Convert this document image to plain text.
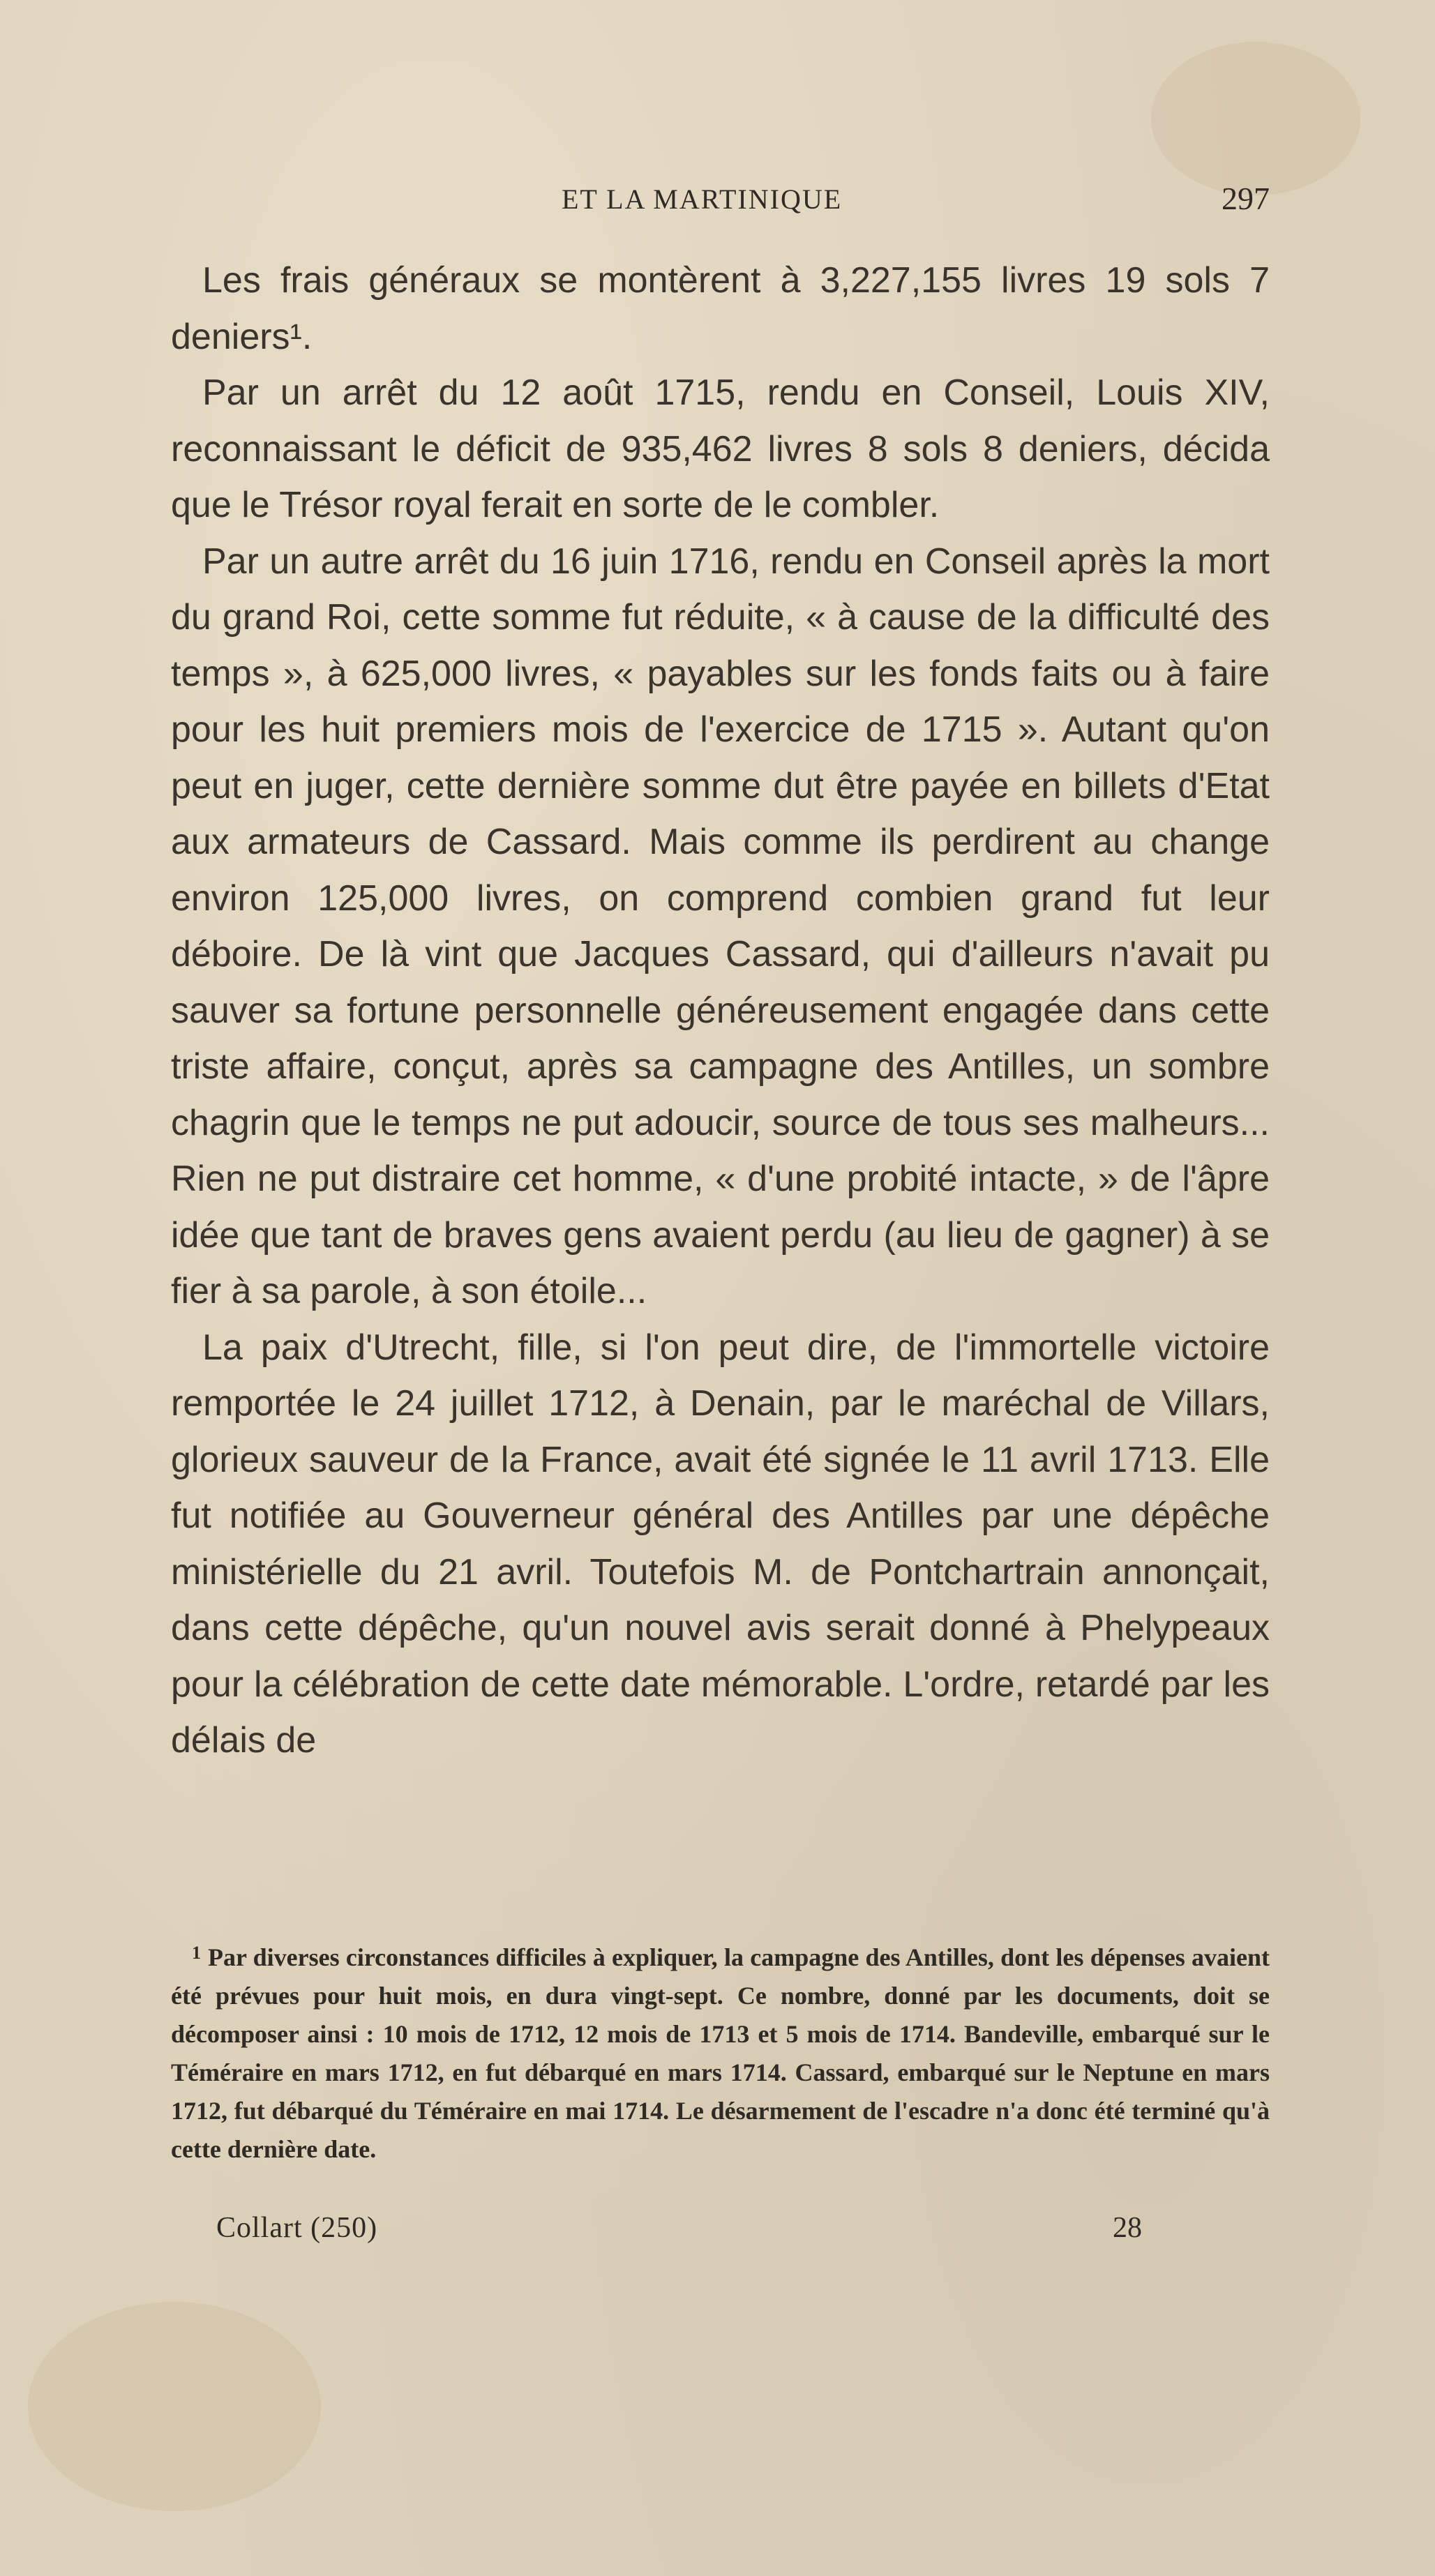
ET LA MARTINIQUE	297

Les frais généraux se montèrent à 3,227,155 livres 19 sols 7 deniers¹.

Par un arrêt du 12 août 1715, rendu en Conseil, Louis XIV, reconnaissant le déficit de 935,462 livres 8 sols 8 deniers, décida que le Trésor royal ferait en sorte de le combler.

Par un autre arrêt du 16 juin 1716, rendu en Conseil après la mort du grand Roi, cette somme fut réduite, « à cause de la difficulté des temps », à 625,000 livres, « payables sur les fonds faits ou à faire pour les huit premiers mois de l'exercice de 1715 ». Autant qu'on peut en juger, cette dernière somme dut être payée en billets d'Etat aux armateurs de Cassard. Mais comme ils perdirent au change environ 125,000 livres, on comprend combien grand fut leur déboire. De là vint que Jacques Cassard, qui d'ailleurs n'avait pu sauver sa fortune personnelle généreusement engagée dans cette triste affaire, conçut, après sa campagne des Antilles, un sombre chagrin que le temps ne put adoucir, source de tous ses malheurs... Rien ne put distraire cet homme, « d'une probité intacte, » de l'âpre idée que tant de braves gens avaient perdu (au lieu de gagner) à se fier à sa parole, à son étoile...

La paix d'Utrecht, fille, si l'on peut dire, de l'immortelle victoire remportée le 24 juillet 1712, à Denain, par le maréchal de Villars, glorieux sauveur de la France, avait été signée le 11 avril 1713. Elle fut notifiée au Gouverneur général des Antilles par une dépêche ministérielle du 21 avril. Toutefois M. de Pontchartrain annonçait, dans cette dépêche, qu'un nouvel avis serait donné à Phelypeaux pour la célébration de cette date mémorable. L'ordre, retardé par les délais de

$^1$ Par diverses circonstances difficiles à expliquer, la campagne des Antilles, dont les dépenses avaient été prévues pour huit mois, en dura vingt-sept. Ce nombre, donné par les documents, doit se décomposer ainsi : 10 mois de 1712, 12 mois de 1713 et 5 mois de 1714. Bandeville, embarqué sur le Téméraire en mars 1712, en fut débarqué en mars 1714. Cassard, embarqué sur le Neptune en mars 1712, fut débarqué du Téméraire en mai 1714. Le désarmement de l'escadre n'a donc été terminé qu'à cette dernière date.

Collart (250)	28
